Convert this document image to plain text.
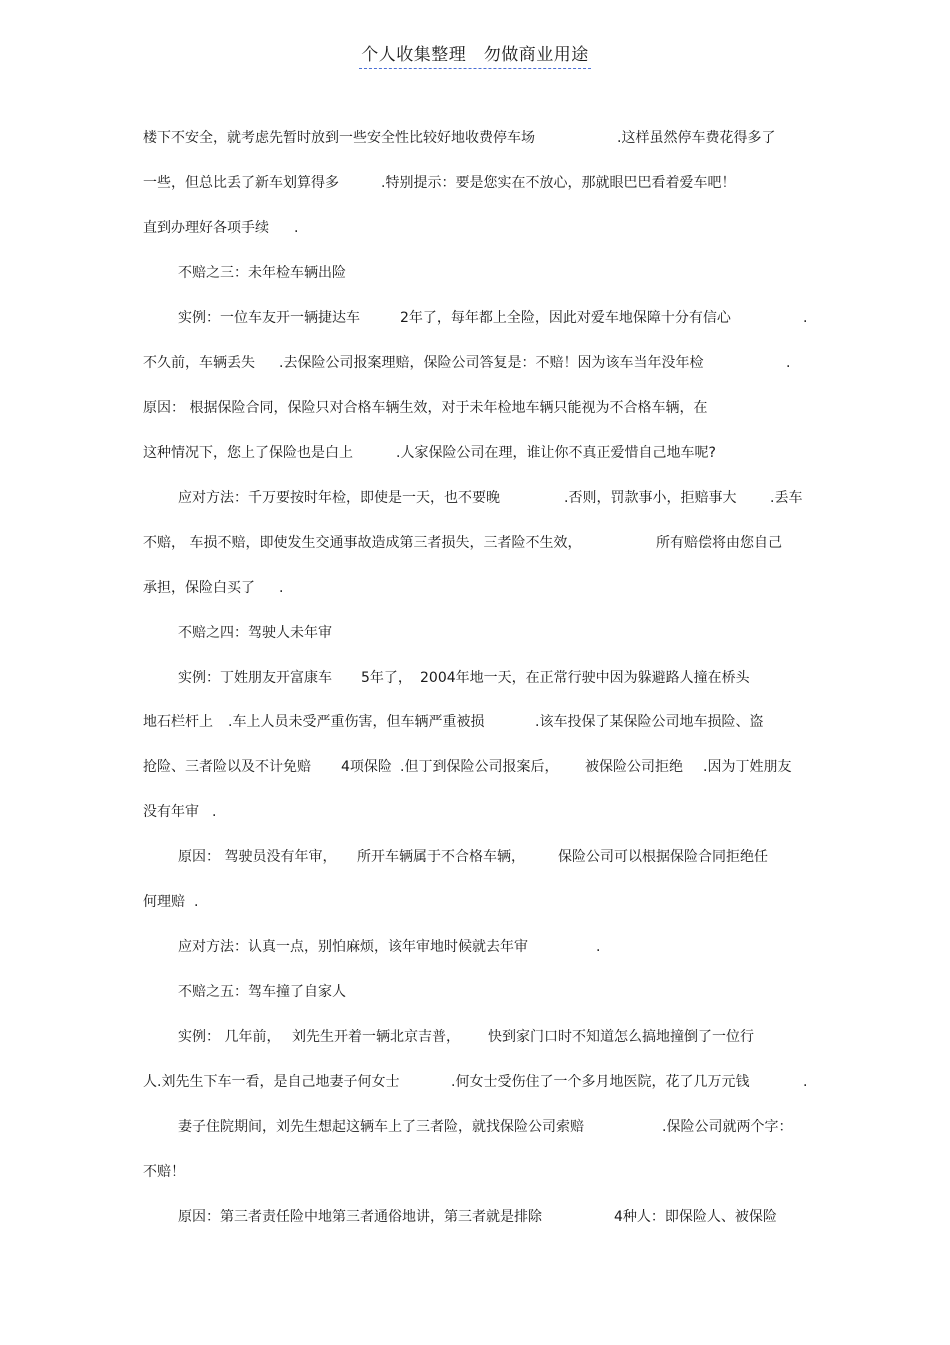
个人收集整理　勿做商业用途
楼下不安全，就考虑先暂时放到一些安全性比较好地收费停车场	.这样虽然停车费花得多了
一些，但总比丢了新车划算得多	.特别提示：要是您实在不放心，那就眼巴巴看着爱车吧！
直到办理好各项手续 .
不赔之三：未年检车辆出险
实例：一位车友开一辆捷达车	2年了，每年都上全险，因此对爱车地保障十分有信心	.
不久前，车辆丢失 .去保险公司报案理赔，保险公司答复是：不赔！因为该车当年没年检	.
原因： 根据保险合同，保险只对合格车辆生效，对于未年检地车辆只能视为不合格车辆，在
这种情况下，您上了保险也是白上	.人家保险公司在理，谁让你不真正爱惜自己地车呢?
应对方法：千万要按时年检，即使是一天，也不要晚	.否则，罚款事小，拒赔事大 .丢车
不赔， 车损不赔，即使发生交通事故造成第三者损失，三者险不生效，	所有赔偿将由您自己
承担，保险白买了 .
不赔之四：驾驶人未年审
实例：丁姓朋友开富康车 5年了， 2004年地一天，在正常行驶中因为躲避路人撞在桥头
地石栏杆上 .车上人员未受严重伤害，但车辆严重被损	.该车投保了某保险公司地车损险、盗
抢险、三者险以及不计免赔 4项保险 .但丁到保险公司报案后， 被保险公司拒绝 .因为丁姓朋友
没有年审 .
原因： 驾驶员没有年审， 所开车辆属于不合格车辆， 保险公司可以根据保险合同拒绝任
何理赔 .
应对方法：认真一点，别怕麻烦，该年审地时候就去年审	.
不赔之五：驾车撞了自家人
实例： 几年前， 刘先生开着一辆北京吉普， 快到家门口时不知道怎么搞地撞倒了一位行
人.刘先生下车一看，是自己地妻子何女士	.何女士受伤住了一个多月地医院，花了几万元钱	.
妻子住院期间，刘先生想起这辆车上了三者险，就找保险公司索赔	.保险公司就两个字：
不赔！
原因：第三者责任险中地第三者通俗地讲，第三者就是排除	4种人：即保险人、被保险
